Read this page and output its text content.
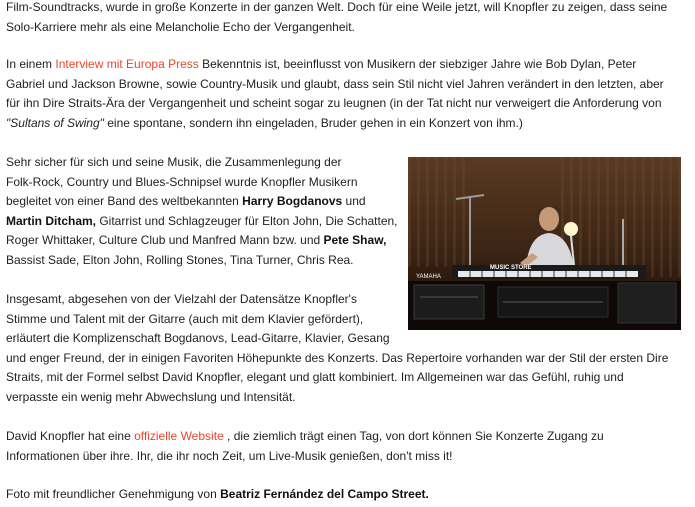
Film-Soundtracks, wurde in große Konzerte in der ganzen Welt. Doch für eine Weile jetzt, will Knopfler zu zeigen, dass seine
Solo-Karriere mehr als eine Melancholie Echo der Vergangenheit.

In einem Interview mit Europa Press Bekenntnis ist, beeinflusst von Musikern der siebziger Jahre wie Bob Dylan, Peter
Gabriel und Jackson Browne, sowie Country-Musik und glaubt, dass sein Stil nicht viel Jahren verändert in den letzten, aber
für ihn Dire Straits-Ära der Vergangenheit und scheint sogar zu leugnen (in der Tat nicht nur verweigert die Anforderung von
"Sultans of Swing" eine spontane, sondern ihn eingeladen, Bruder gehen in ein Konzert von ihm.)

Sehr sicher für sich und seine Musik, die Zusammenlegung der
Folk-Rock, Country und Blues-Schnipsel wurde Knopfler Musikern
begleitet von einer Band des weltbekannten Harry Bogdanovs und
Martin Ditcham, Gitarrist und Schlagzeuger für Elton John, Die Schatten,
Roger Whittaker, Culture Club und Manfred Mann bzw. und Pete Shaw,
Bassist Sade, Elton John, Rolling Stones, Tina Turner, Chris Rea.

YAMAHA
MUSIC STORE

Insgesamt, abgesehen von der Vielzahl der Datensätze Knopfler's
Stimme und Talent mit der Gitarre (auch mit dem Klavier gefördert),
erläutert die Komplizenschaft Bogdanovs, Lead-Gitarre, Klavier, Gesang
und enger Freund, der in einigen Favoriten Höhepunkte des Konzerts. Das Repertoire vorhanden war der Stil der ersten Dire
Straits, mit der Formel selbst David Knopfler, elegant und glatt kombiniert. Im Allgemeinen war das Gefühl, ruhig und
verpasste ein wenig mehr Abwechslung und Intensität.

David Knopfler hat eine offizielle Website , die ziemlich trägt einen Tag, von dort können Sie Konzerte Zugang zu
Informationen über ihre. Ihr, die ihr noch Zeit, um Live-Musik genießen, don't miss it!

Foto mit freundlicher Genehmigung von Beatriz Fernández del Campo Street.
